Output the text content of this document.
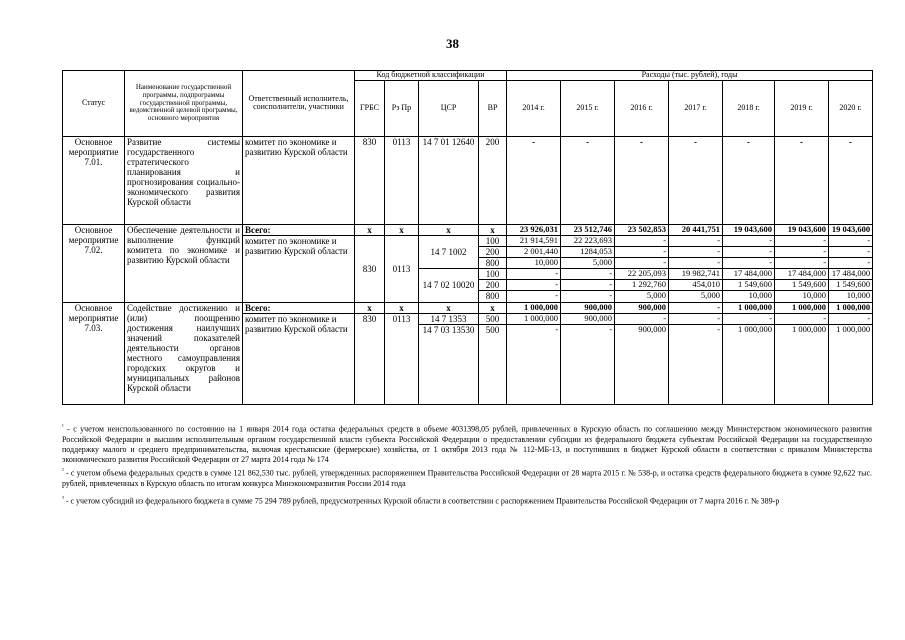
38
Статус	Наименование государственной программы, подпрограммы государственной программы, ведомственной целевой программы, основного мероприятия	Ответственный исполнитель, соисполнители, участники	Код бюджетной классификации				Расходы (тыс. рублей), годы						
			ГРБС	Рз Пр	ЦСР	ВР	2014 г.	2015 г.	2016 г.	2017 г.	2018 г.	2019 г.	2020 г.
Основное мероприятие 7.01.	Развитие системы государственного стратегического планирования и прогнозирования социально-экономического развития Курской области	комитет по экономике и развитию Курской области	830	0113	14 7 01 12640	200	-	-	-	-	-	-	-
Основное мероприятие 7.02.	Обеспечение деятельности и выполнение функций комитета по экономике и развитию Курской области	Всего:	x	x	x	x	23 926,031	23 512,746	23 502,853	20 441,751	19 043,600	19 043,600	19 043,600
		комитет по экономике и развитию Курской области	830	0113	14 7 1002	100	21 914,591	22 223,693	-	-	-	-	-
						200	2 001,440	1284,053	-	-	-	-	-
						800	10,000	5,000	-	-	-	-	-
					14 7 02 10020	100	-	-	22 205,093	19 982,741	17 484,000	17 484,000	17 484,000
						200	-	-	1 292,760	454,010	1 549,600	1 549,600	1 549,600
						800	-	-	5,000	5,000	10,000	10,000	10,000
Основное мероприятие 7.03.	Содействие достижению и (или) поощрению достижения наилучших значений показателей деятельности органов местного самоуправления городских округов и муниципальных районов Курской области	Всего:	x	x	x	x	1 000,000	900,000	900,000	-	1 000,000	1 000,000	1 000,000
		комитет по экономике и развитию Курской области	830	0113	14 7 1353	500	1 000,000	900,000	-	-	-	-	-
					14 7 03 13530	500	-	-	900,000	-	1 000,000	1 000,000	1 000,000
$^{^1}$ - с учетом неиспользованного по состоянию на 1 января 2014 года остатка федеральных средств в объеме 4031398,05 рублей, привлеченных в Курскую область по соглашению между Министерством экономического развития Российской Федерации и высшим исполнительным органом государственной власти субъекта Российской Федерации о предоставлении субсидии из федерального бюджета субъектам Российской Федерации на государственную поддержку малого и среднего предпринимательства, включая крестьянские (фермерские) хозяйства, от 1 октября 2013 года № 112-МБ-13, и поступивших в бюджет Курской области в соответствии с приказом Министерства экономического развития Российской Федерации от 27 марта 2014 года № 174
$^{^2}$ - с учетом объема федеральных средств в сумме 121 862,530 тыс. рублей, утвержденных распоряжением Правительства Российской Федерации от 28 марта 2015 г. № 538-р, и остатка средств федерального бюджета в сумме 92,622 тыс. рублей, привлеченных в Курскую область по итогам конкурса Минэкономразвития России 2014 года
$^{^3}$ - с учетом субсидий из федерального бюджета в сумме 75 294 789 рублей, предусмотренных Курской области в соответствии с распоряжением Правительства Российской Федерации от 7 марта 2016 г. № 389-р
